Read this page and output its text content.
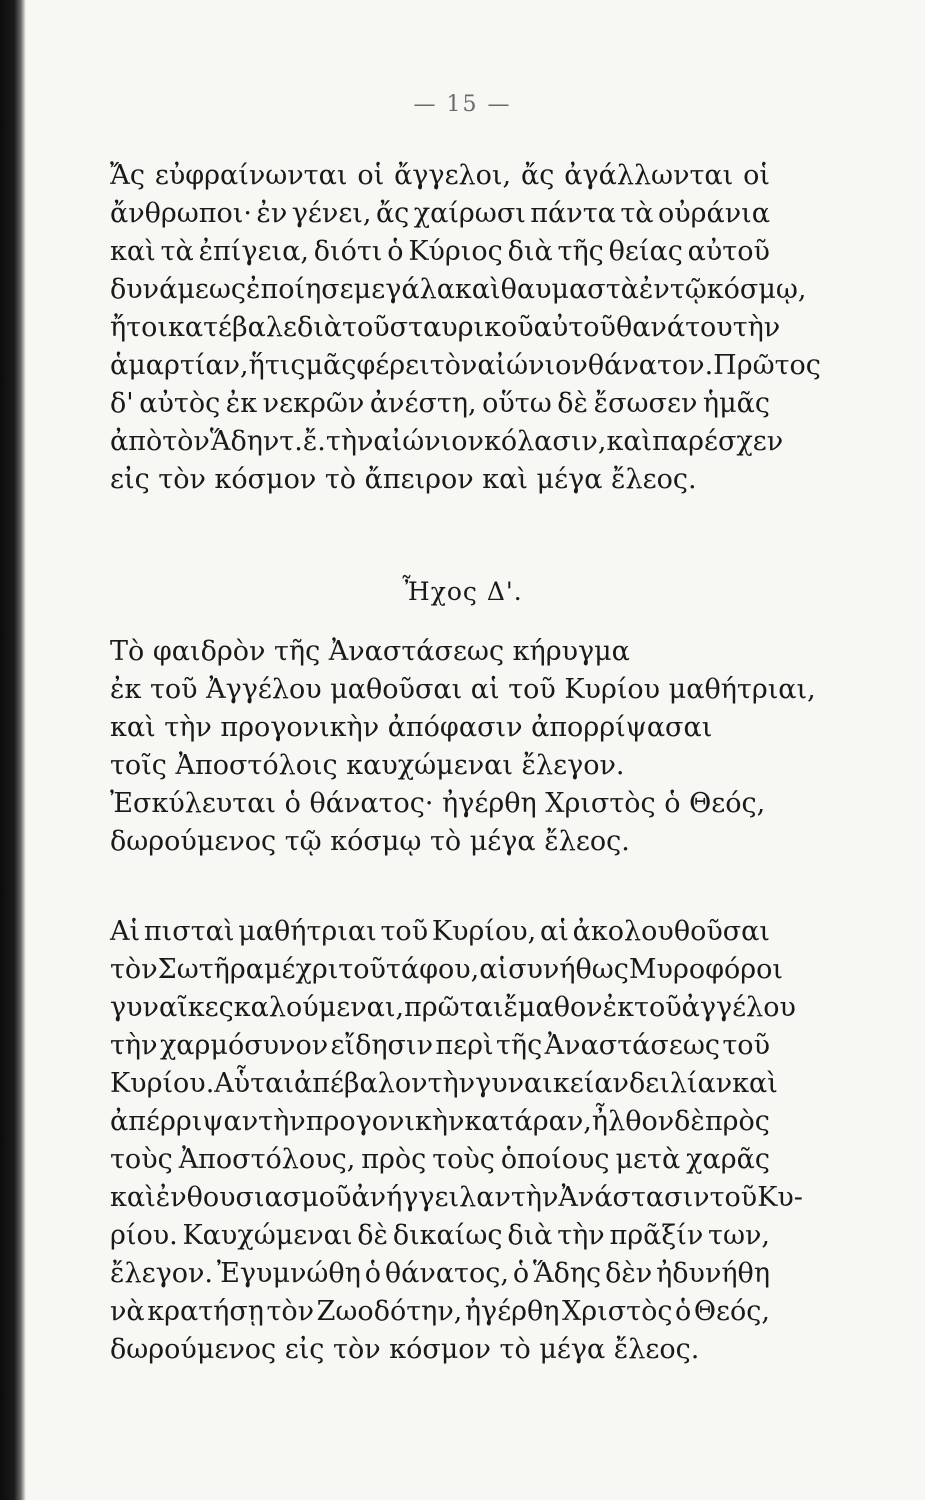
— 15 —
Ἄς εὐφραίνωνται οἱ ἄγγελοι, ἄς ἀγάλλωνται οἱ
ἄνθρωποι· ἐν γένει, ἄς χαίρωσι πάντα τὰ οὐράνια
καὶ τὰ ἐπίγεια, διότι ὁ Κύριος διὰ τῆς θείας αὐτοῦ
δυνάμεως ἐποίησε μεγάλα καὶ θαυμαστὰ ἐν τῷ κόσμῳ,
ἤτοι κατέβαλε διὰ τοῦ σταυρικοῦ αὐτοῦ θανάτου τὴν
ἁμαρτίαν, ἥτις μᾶς φέρει τὸν αἰώνιον θάνατον. Πρῶτος
δ' αὐτὸς ἐκ νεκρῶν ἀνέστη, οὕτω δὲ ἔσωσεν ἡμᾶς
ἀπὸ τὸν Ἅδην τ.ἔ. τὴν αἰώνιον κόλασιν, καὶ παρέσχεν
εἰς τὸν κόσμον τὸ ἄπειρον καὶ μέγα ἔλεος.
Ἦχος Δ'.
Τὸ φαιδρὸν τῆς Ἀναστάσεως κήρυγμα
ἐκ τοῦ Ἀγγέλου μαθοῦσαι αἱ τοῦ Κυρίου μαθήτριαι,
καὶ τὴν προγονικὴν ἀπόφασιν ἀπορρίψασαι
τοῖς Ἀποστόλοις καυχώμεναι ἔλεγον.
Ἐσκύλευται ὁ θάνατος· ἠγέρθη Χριστὸς ὁ Θεός,
δωρούμενος τῷ κόσμῳ τὸ μέγα ἔλεος.
Αἱ πισταὶ μαθήτριαι τοῦ Κυρίου, αἱ ἀκολουθοῦσαι
τὸν Σωτῆρα μέχρι τοῦ τάφου, αἱ συνήθως Μυροφόροι
γυναῖκες καλούμεναι, πρῶται ἔμαθον ἐκ τοῦ ἀγγέλου
τὴν χαρμόσυνον εἴδησιν περὶ τῆς Ἀναστάσεως τοῦ
Κυρίου. Αὗται ἀπέβαλον τὴν γυναικείαν δειλίαν καὶ
ἀπέρριψαν τὴν προγονικὴν κατάραν, ἦλθον δὲ πρὸς
τοὺς Ἀποστόλους, πρὸς τοὺς ὁποίους μετὰ χαρᾶς
καὶ ἐνθουσιασμοῦ ἀνήγγειλαν τὴν Ἀνάστασιν τοῦ Κυ-
ρίου. Καυχώμεναι δὲ δικαίως διὰ τὴν πρᾶξίν των,
ἔλεγον. Ἐγυμνώθη ὁ θάνατος, ὁ Ἅδης δὲν ἠδυνήθη
νὰ κρατήσῃ τὸν Ζωοδότην, ἠγέρθη Χριστὸς ὁ Θεός,
δωρούμενος εἰς τὸν κόσμον τὸ μέγα ἔλεος.
